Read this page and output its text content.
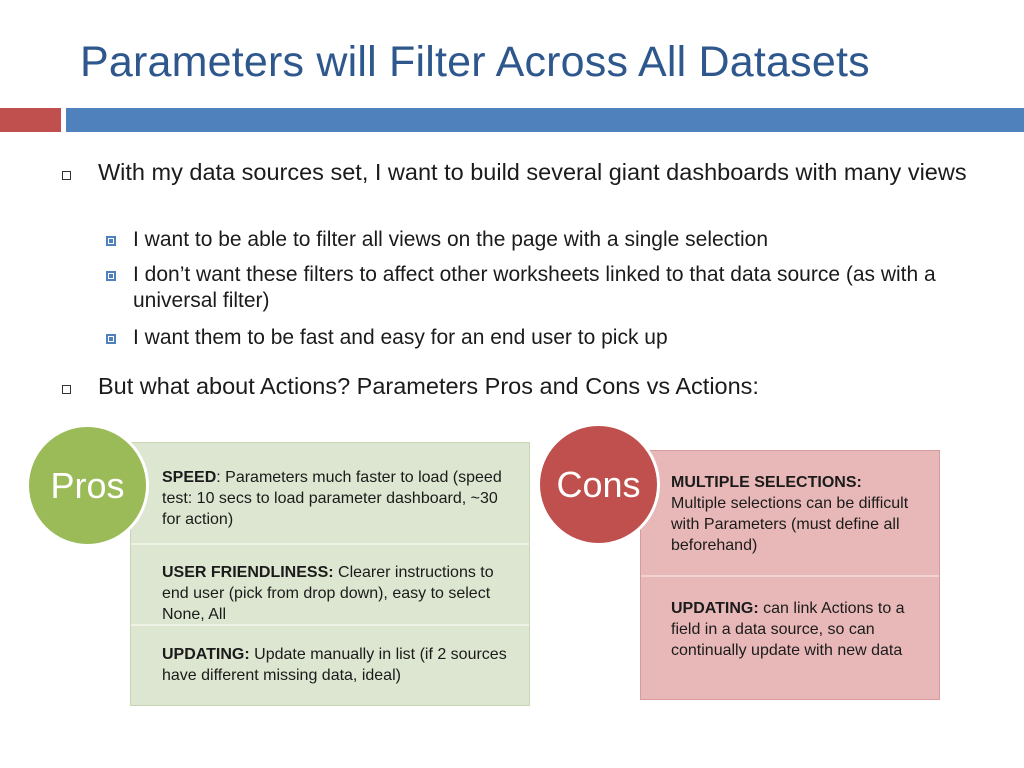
Parameters will Filter Across All Datasets
With my data sources set, I want to build several giant dashboards with many views
I want to be able to filter all views on the page with a single selection
I don’t want these filters to affect other worksheets linked to that data source (as with a universal filter)
I want them to be fast and easy for an end user to pick up
But what about Actions? Parameters Pros and Cons vs Actions:
SPEED: Parameters much faster to load (speed test: 10 secs to load parameter dashboard, ~30 for action)
USER FRIENDLINESS: Clearer instructions to end user (pick from drop down), easy to select None, All
UPDATING: Update manually in list (if 2 sources have different missing data, ideal)
Pros	MULTIPLE SELECTIONS: Multiple selections can be difficult with Parameters (must define all beforehand)
UPDATING: can link Actions to a field in a data source, so can continually update with new data
Cons
